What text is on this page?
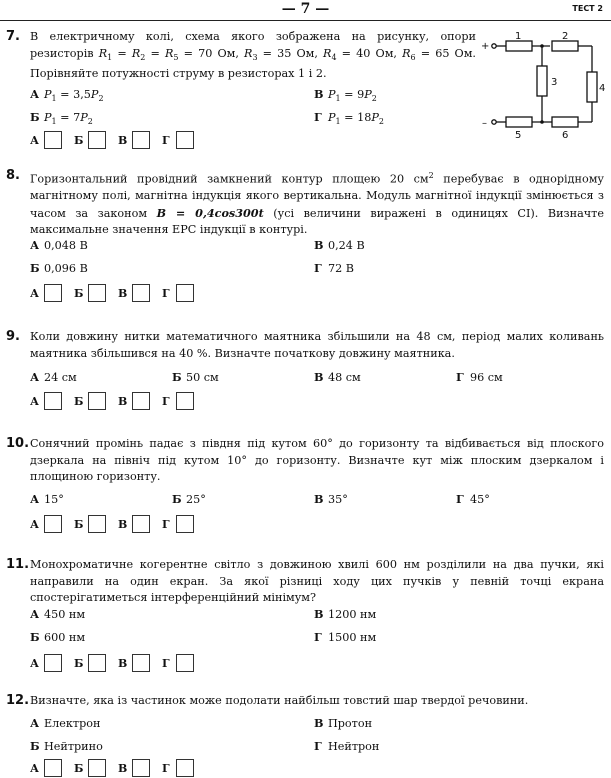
— 7 —	ТЕСТ 2
7. В електричному колі, схема якого зображена на рисунку, опори резисторів $R_1 = R_2 = R_5 = 70$ Ом, $R_3 = 35$ Ом, $R_4 = 40$ Ом, $R_6 = 65$ Ом. Порівняйте потужності струму в резисторах 1 і 2.
1	2
3
4
5	6
+
–
А $P_1 = 3,5P_2$	В $P_1 = 9P_2$
Б $P_1 = 7P_2$	Г $P_1 = 18P_2$
А	Б	В	Г
8. Горизонтальний провідний замкнений контур площею 20 $см^2$ перебуває в однорідному магнітному полі, магнітна індукція якого вертикальна. Модуль магнітної індукції змінюється з часом за законом B = 0,4cos300t (усі величини виражені в одиницях СІ). Визначте максимальне значення ЕРС індукції в контурі.
А 0,048 В	В 0,24 В
Б 0,096 В	Г 72 В
А	Б	В	Г
9. Коли довжину нитки математичного маятника збільшили на 48 см, період малих коливань маятника збільшився на 40 %. Визначте початкову довжину маятника.
А 24 см	Б 50 см	В 48 см	Г 96 см
А	Б	В	Г
10. Сонячний промінь падає з півдня під кутом 60° до горизонту та відбивається від плоского дзеркала на північ під кутом 10° до горизонту. Визначте кут між плоским дзеркалом і площиною горизонту.
А 15°	Б 25°	В 35°	Г 45°
А	Б	В	Г
11. Монохроматичне когерентне світло з довжиною хвилі 600 нм розділили на два пучки, які направили на один екран. За якої різниці ходу цих пучків у певній точці екрана спостерігатиметься інтерференційний мінімум?
А 450 нм	В 1200 нм
Б 600 нм	Г 1500 нм
А	Б	В	Г
12. Визначте, яка із частинок може подолати найбільш товстий шар твердої речовини.
А Електрон	В Протон
Б Нейтрино	Г Нейтрон
А	Б	В	Г
